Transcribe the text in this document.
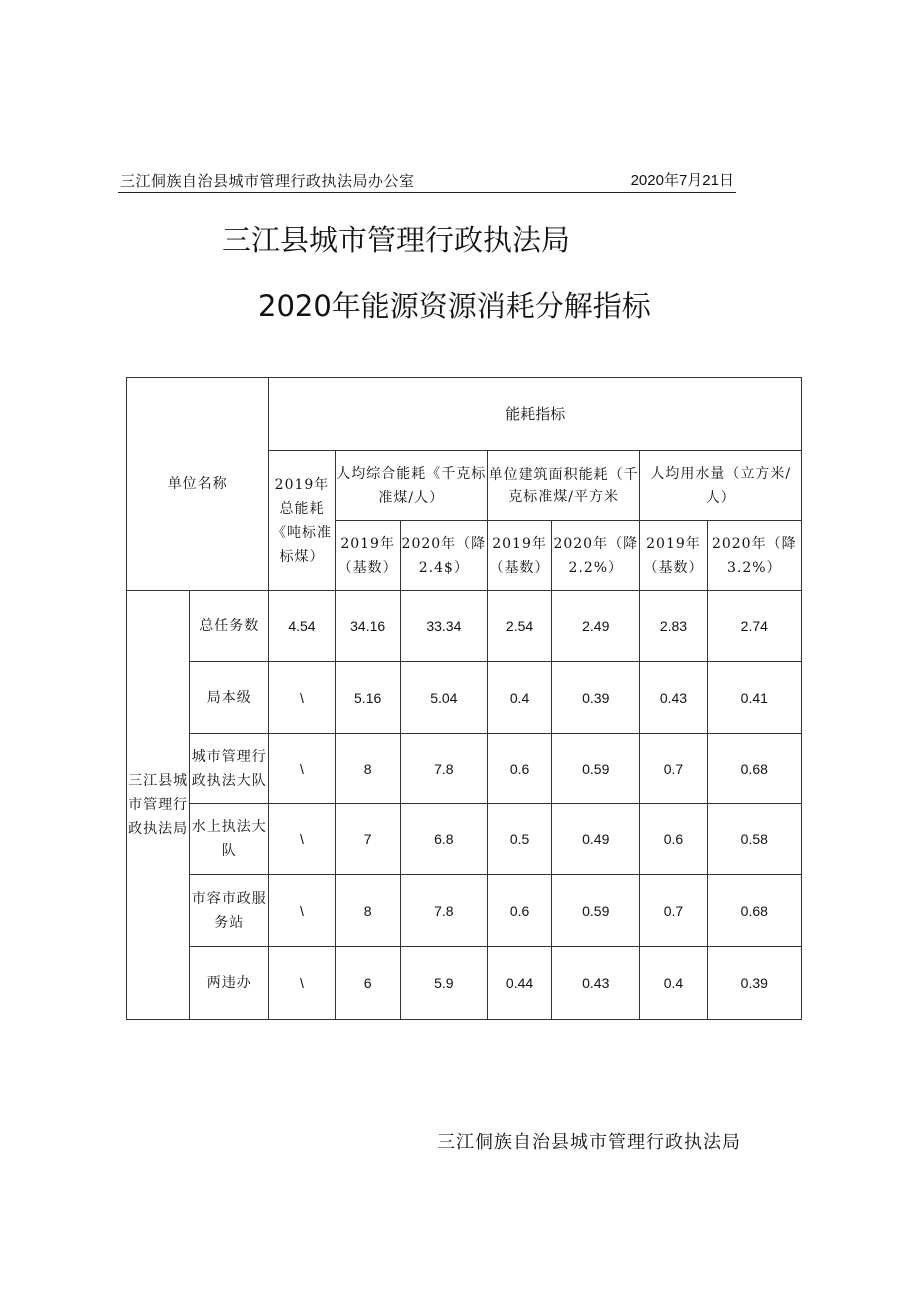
三江侗族自治县城市管理行政执法局办公室	2020年7月21日
三江县城市管理行政执法局
2020年能源资源消耗分解指标
单位名称		能耗指标						
		2019年总能耗《吨标准标煤）	人均综合能耗《千克标准煤/人）		单位建筑面积能耗（千克标准煤/平方米		人均用水量（立方米/人）	
			2019年（基数）	2020年（降2.4$）	2019年（基数）	2020年（降2.2%）	2019年（基数）	2020年（降3.2%）
三江县城市管理行政执法局	总任务数	4.54	34.16	33.34	2.54	2.49	2.83	2.74
	局本级	\	5.16	5.04	0.4	0.39	0.43	0.41
	城市管理行政执法大队	\	8	7.8	0.6	0.59	0.7	0.68
	水上执法大队	\	7	6.8	0.5	0.49	0.6	0.58
	市容市政服务站	\	8	7.8	0.6	0.59	0.7	0.68
	两违办	\	6	5.9	0.44	0.43	0.4	0.39
三江侗族自治县城市管理行政执法局
